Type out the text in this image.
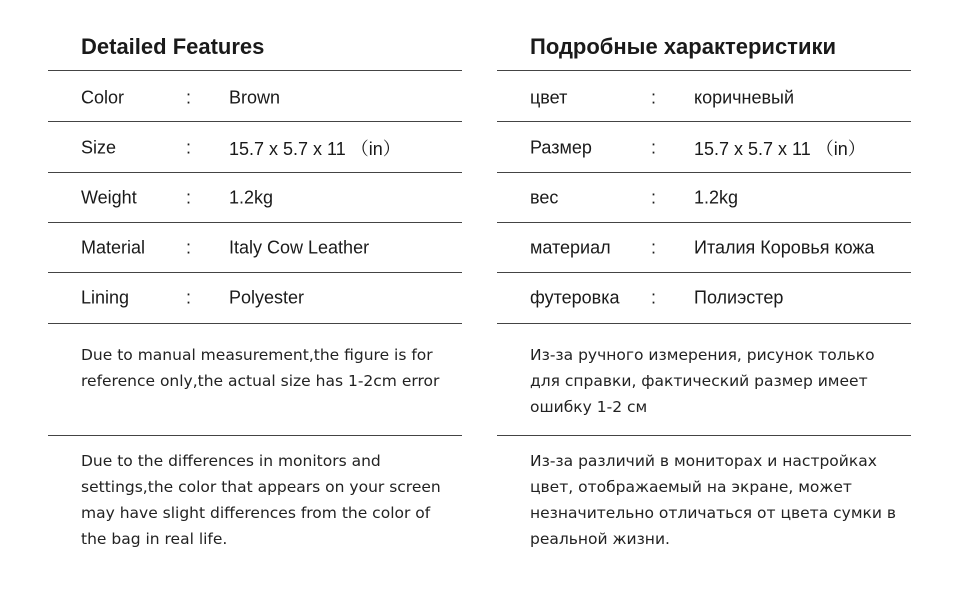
Detailed Features
Color	: Brown
Size	: 15.7 x 5.7 x 11 （in）
Weight	: 1.2kg
Material : Italy Cow Leather
Lining	: Polyester
Due to manual measurement,the figure is for reference only,the actual size has 1-2cm error
Due to the differences in monitors and settings,the color that appears on your screen may have slight differences from the color of the bag in real life.
Подробные характеристики
цвет	: коричневый
Размер	: 15.7 x 5.7 x 11 （in）
вес	: 1.2kg
материал : Италия Коровья кожа
футеровка : Полиэстер
Из-за ручного измерения, рисунок только для справки, фактический размер имеет ошибку 1-2 см
Из-за различий в мониторах и настройках цвет, отображаемый на экране, может незначительно отличаться от цвета сумки в реальной жизни.
